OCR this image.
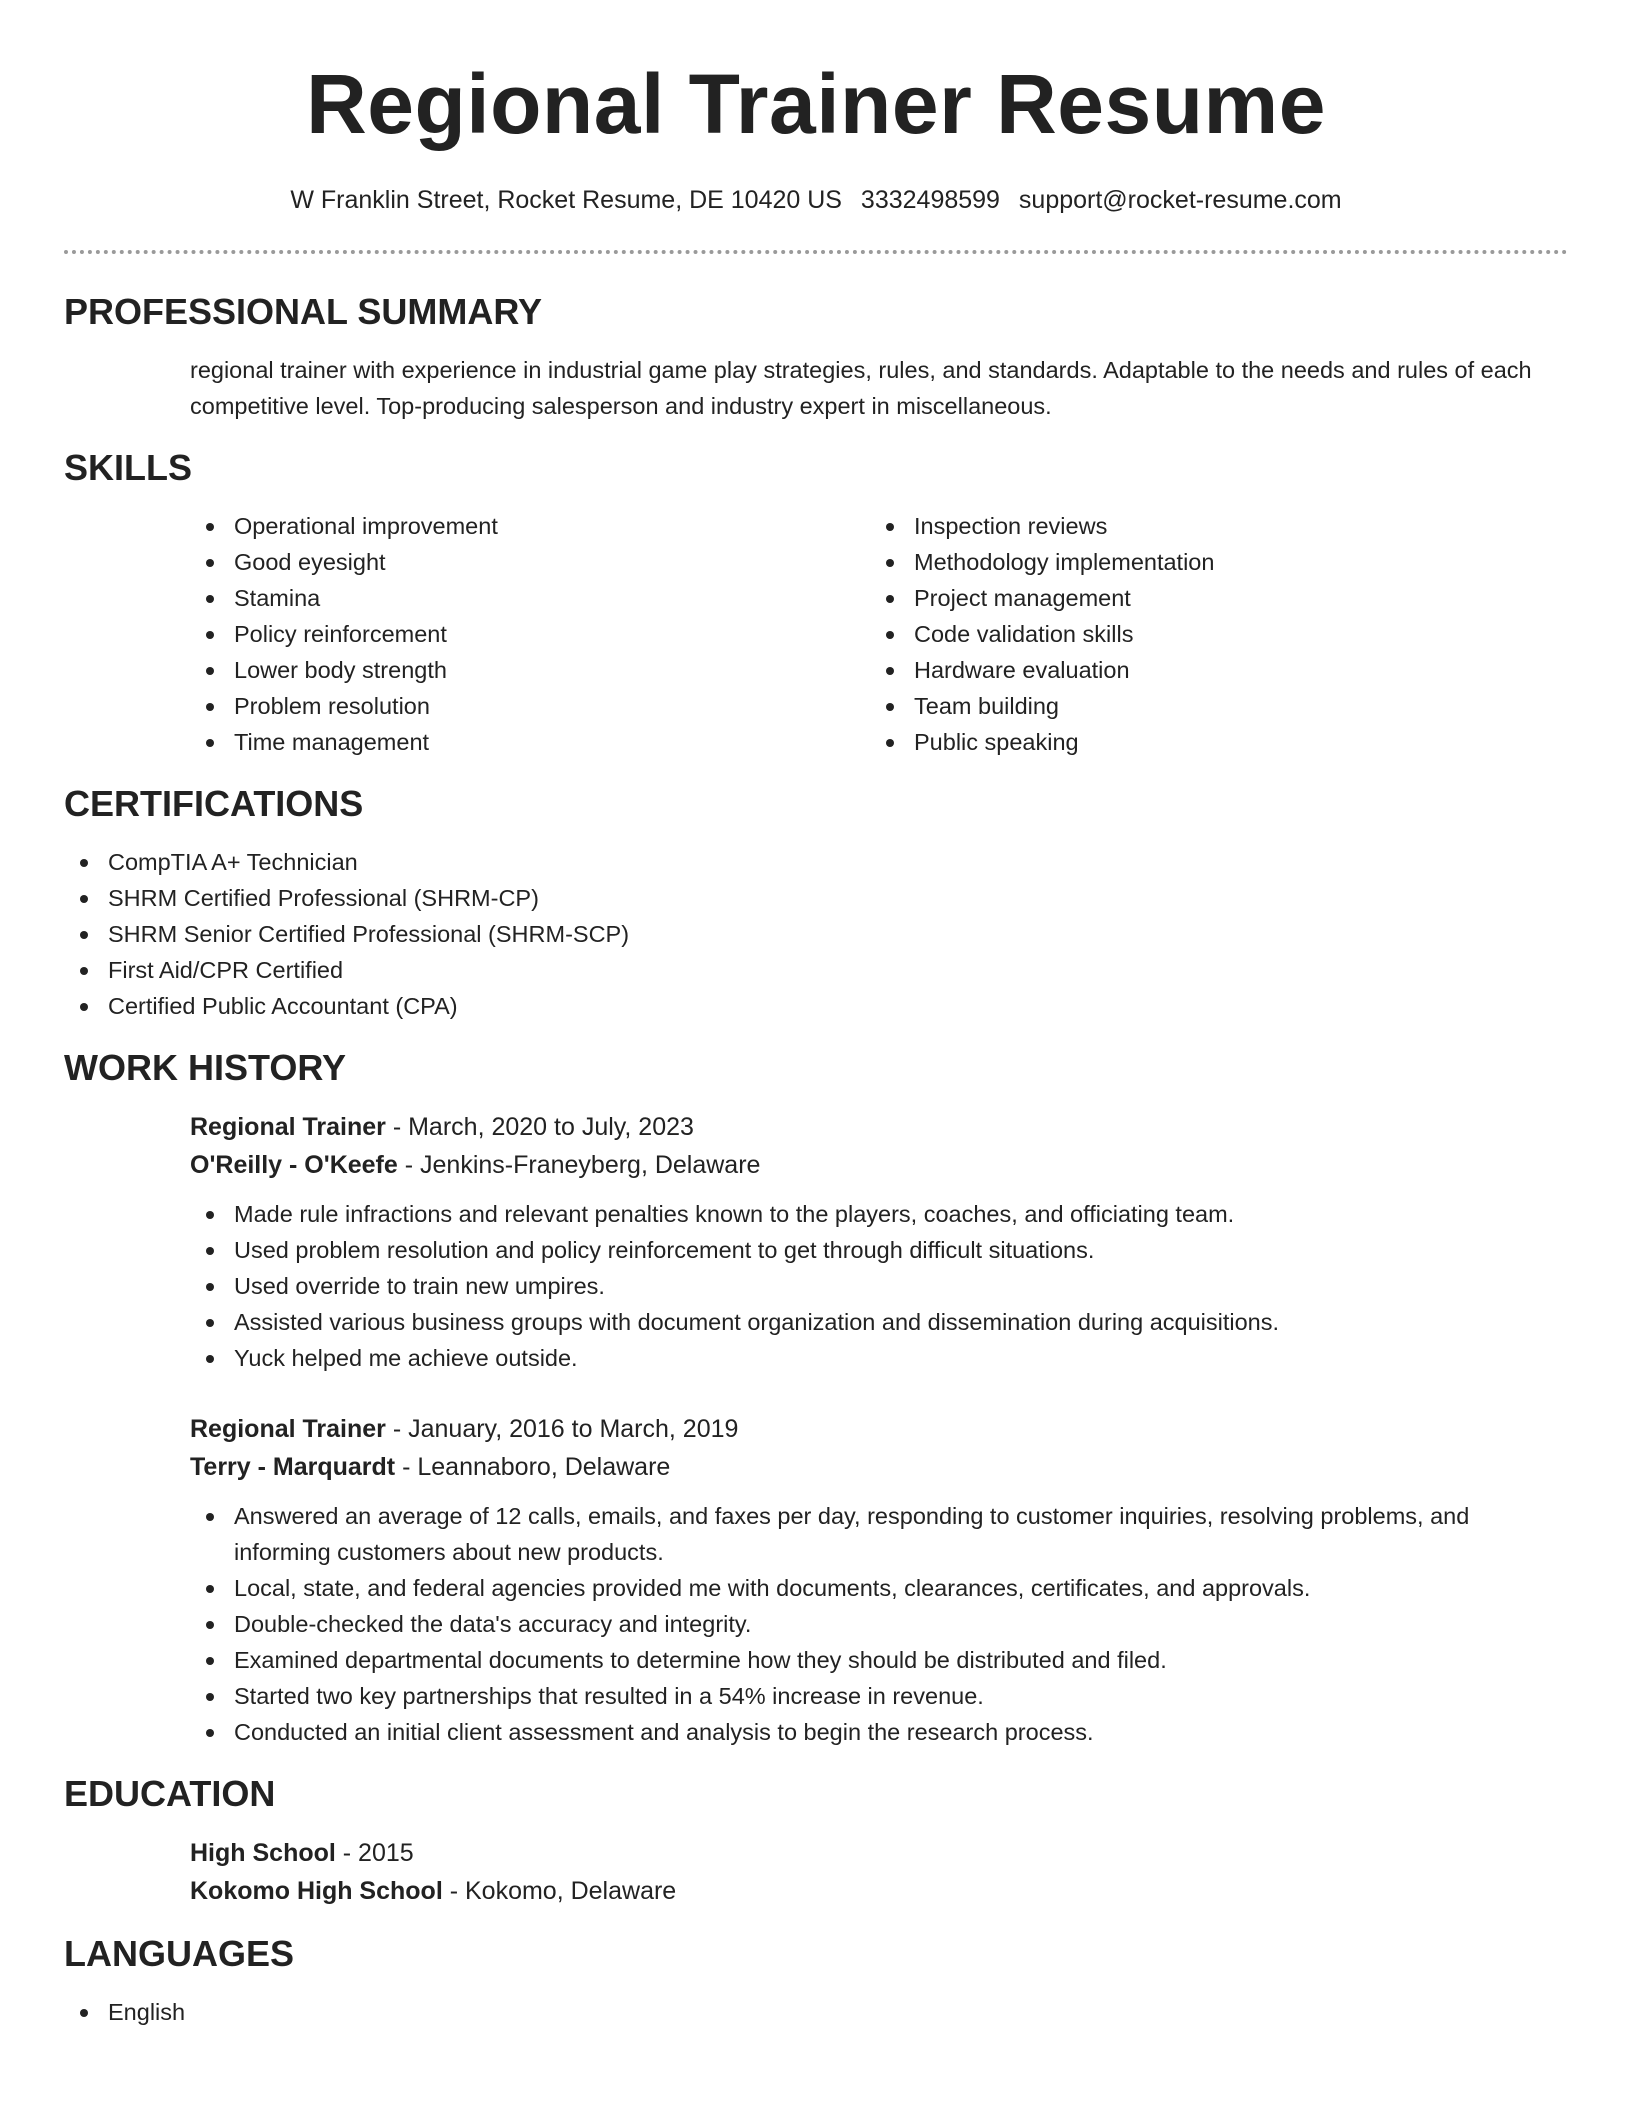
Regional Trainer Resume
W Franklin Street, Rocket Resume, DE 10420 US 3332498599 support@rocket-resume.com
PROFESSIONAL SUMMARY
regional trainer with experience in industrial game play strategies, rules, and standards. Adaptable to the needs and rules of each competitive level. Top-producing salesperson and industry expert in miscellaneous.
SKILLS
Operational improvement
Good eyesight
Stamina
Policy reinforcement
Lower body strength
Problem resolution
Time management
Inspection reviews
Methodology implementation
Project management
Code validation skills
Hardware evaluation
Team building
Public speaking
CERTIFICATIONS
CompTIA A+ Technician
SHRM Certified Professional (SHRM-CP)
SHRM Senior Certified Professional (SHRM-SCP)
First Aid/CPR Certified
Certified Public Accountant (CPA)
WORK HISTORY
Regional Trainer - March, 2020 to July, 2023
O'Reilly - O'Keefe - Jenkins-Franeyberg, Delaware
Made rule infractions and relevant penalties known to the players, coaches, and officiating team.
Used problem resolution and policy reinforcement to get through difficult situations.
Used override to train new umpires.
Assisted various business groups with document organization and dissemination during acquisitions.
Yuck helped me achieve outside.
Regional Trainer - January, 2016 to March, 2019
Terry - Marquardt - Leannaboro, Delaware
Answered an average of 12 calls, emails, and faxes per day, responding to customer inquiries, resolving problems, and informing customers about new products.
Local, state, and federal agencies provided me with documents, clearances, certificates, and approvals.
Double-checked the data's accuracy and integrity.
Examined departmental documents to determine how they should be distributed and filed.
Started two key partnerships that resulted in a 54% increase in revenue.
Conducted an initial client assessment and analysis to begin the research process.
EDUCATION
High School - 2015
Kokomo High School - Kokomo, Delaware
LANGUAGES
English
